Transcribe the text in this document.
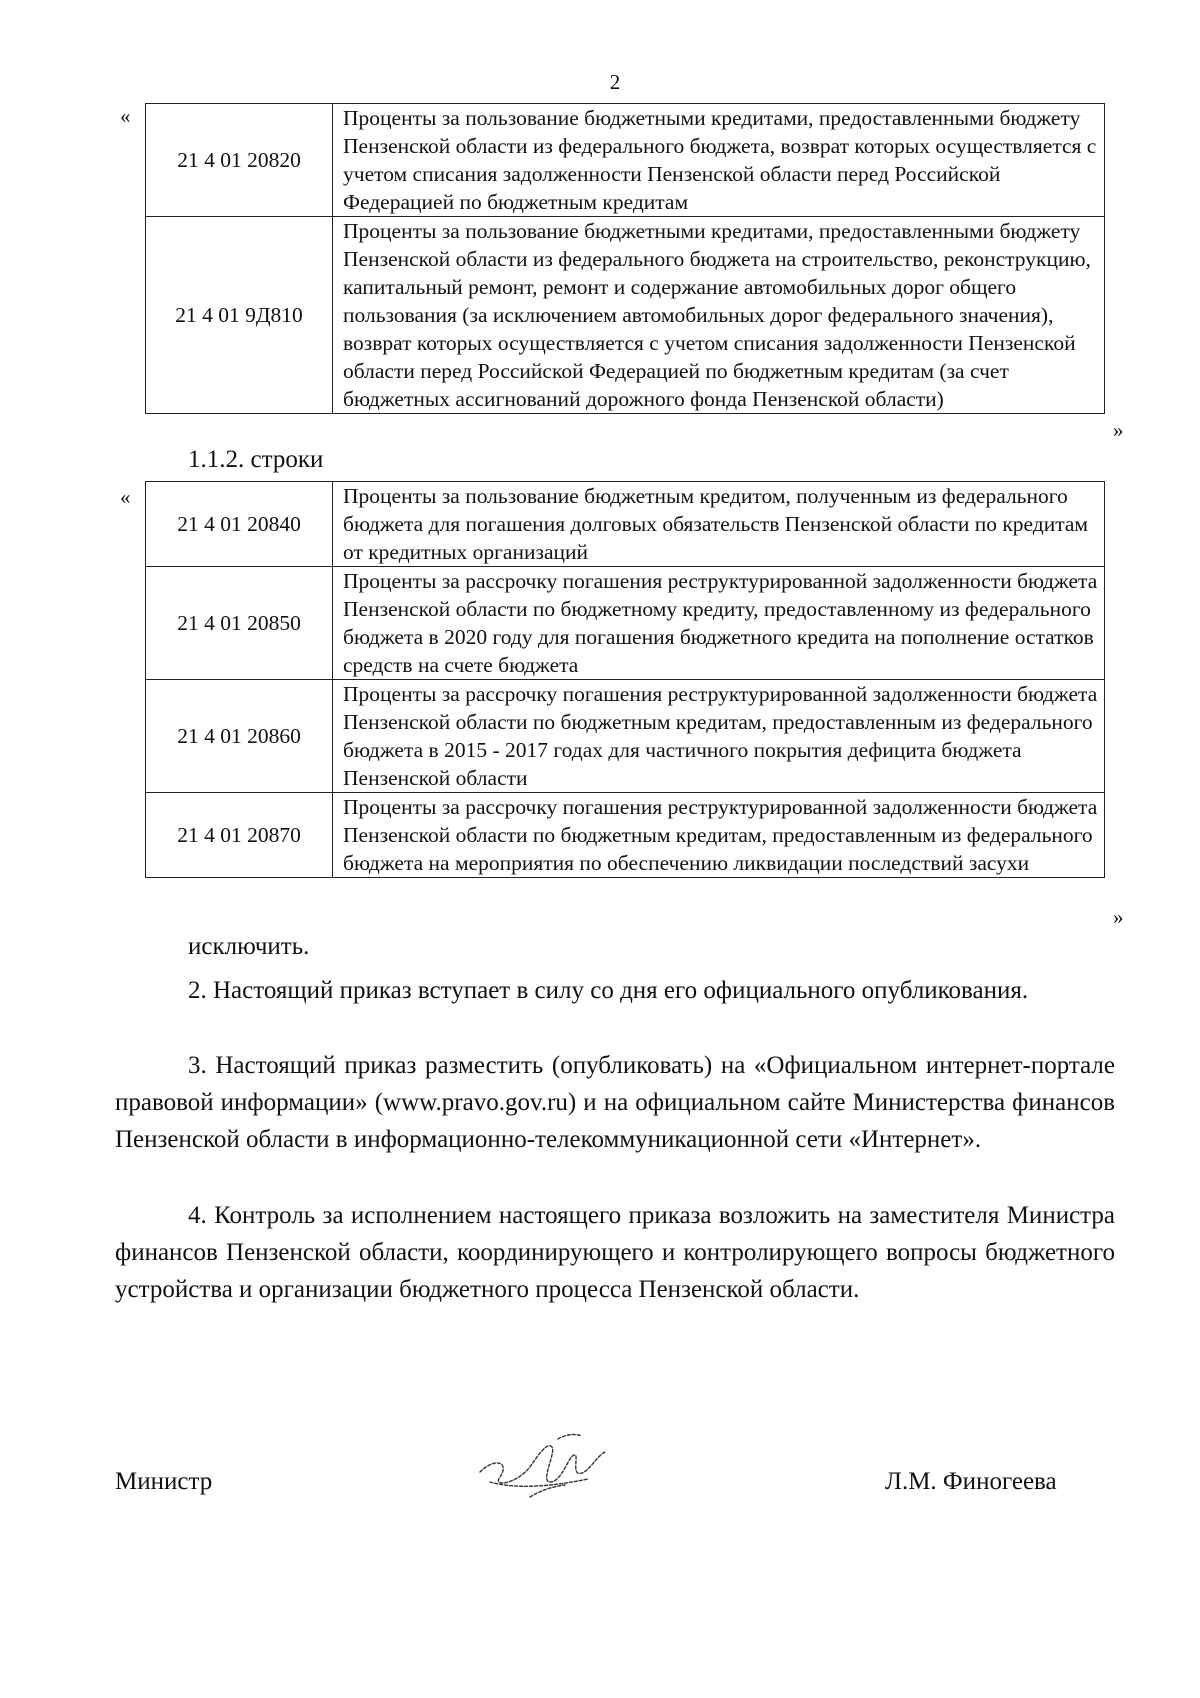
2
«
21 4 01 20820	Проценты за пользование бюджетными кредитами, предоставленными бюджету Пензенской области из федерального бюджета, возврат которых осуществляется с учетом списания задолженности Пензенской области перед Российской Федерацией по бюджетным кредитам
21 4 01 9Д810	Проценты за пользование бюджетными кредитами, предоставленными бюджету Пензенской области из федерального бюджета на строительство, реконструкцию, капитальный ремонт, ремонт и содержание автомобильных дорог общего пользования (за исключением автомобильных дорог федерального значения), возврат которых осуществляется с учетом списания задолженности Пензенской области перед Российской Федерацией по бюджетным кредитам (за счет бюджетных ассигнований дорожного фонда Пензенской области)
»
1.1.2. строки
«
21 4 01 20840	Проценты за пользование бюджетным кредитом, полученным из федерального бюджета для погашения долговых обязательств Пензенской области по кредитам от кредитных организаций
21 4 01 20850	Проценты за рассрочку погашения реструктурированной задолженности бюджета Пензенской области по бюджетному кредиту, предоставленному из федерального бюджета в 2020 году для погашения бюджетного кредита на пополнение остатков средств на счете бюджета
21 4 01 20860	Проценты за рассрочку погашения реструктурированной задолженности бюджета Пензенской области по бюджетным кредитам, предоставленным из федерального бюджета в 2015 - 2017 годах для частичного покрытия дефицита бюджета Пензенской области
21 4 01 20870	Проценты за рассрочку погашения реструктурированной задолженности бюджета Пензенской области по бюджетным кредитам, предоставленным из федерального бюджета на мероприятия по обеспечению ликвидации последствий засухи
»
исключить.

2. Настоящий приказ вступает в силу со дня его официального опубликования.

3. Настоящий приказ разместить (опубликовать) на «Официальном интернет-портале правовой информации» (www.pravo.gov.ru) и на официальном сайте Министерства финансов Пензенской области в информационно-телекоммуникационной сети «Интернет».

4. Контроль за исполнением настоящего приказа возложить на заместителя Министра финансов Пензенской области, координирующего и контролирующего вопросы бюджетного устройства и организации бюджетного процесса Пензенской области.

Министр	Л.М. Финогеева
